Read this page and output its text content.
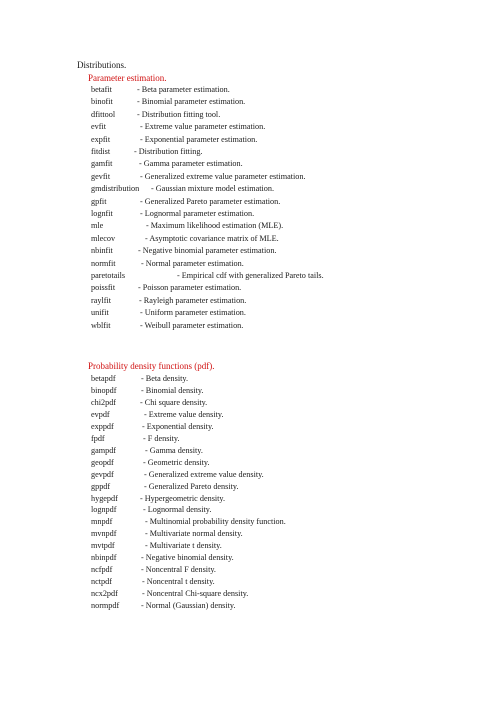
Distributions.
Parameter estimation.
betafit	- Beta parameter estimation.
binofit	- Binomial parameter estimation.
dfittool	- Distribution fitting tool.
evfit	- Extreme value parameter estimation.
expfit	- Exponential parameter estimation.
fitdist	- Distribution fitting.
gamfit	- Gamma parameter estimation.
gevfit	- Generalized extreme value parameter estimation.
gmdistribution - Gaussian mixture model estimation.
gpfit	- Generalized Pareto parameter estimation.
lognfit	- Lognormal parameter estimation.
mle	- Maximum likelihood estimation (MLE).
mlecov	- Asymptotic covariance matrix of MLE.
nbinfit	- Negative binomial parameter estimation.
normfit	- Normal parameter estimation.
paretotails	- Empirical cdf with generalized Pareto tails.
poissfit	- Poisson parameter estimation.
raylfit	- Rayleigh parameter estimation.
unifit	- Uniform parameter estimation.
wblfit	- Weibull parameter estimation.
Probability density functions (pdf).
betapdf	- Beta density.
binopdf	- Binomial density.
chi2pdf	- Chi square density.
evpdf	- Extreme value density.
exppdf	- Exponential density.
fpdf	- F density.
gampdf	- Gamma density.
geopdf	- Geometric density.
gevpdf	- Generalized extreme value density.
gppdf	- Generalized Pareto density.
hygepdf	- Hypergeometric density.
lognpdf	- Lognormal density.
mnpdf	- Multinomial probability density function.
mvnpdf	- Multivariate normal density.
mvtpdf	- Multivariate t density.
nbinpdf	- Negative binomial density.
ncfpdf	- Noncentral F density.
nctpdf	- Noncentral t density.
ncx2pdf	- Noncentral Chi-square density.
normpdf	- Normal (Gaussian) density.
